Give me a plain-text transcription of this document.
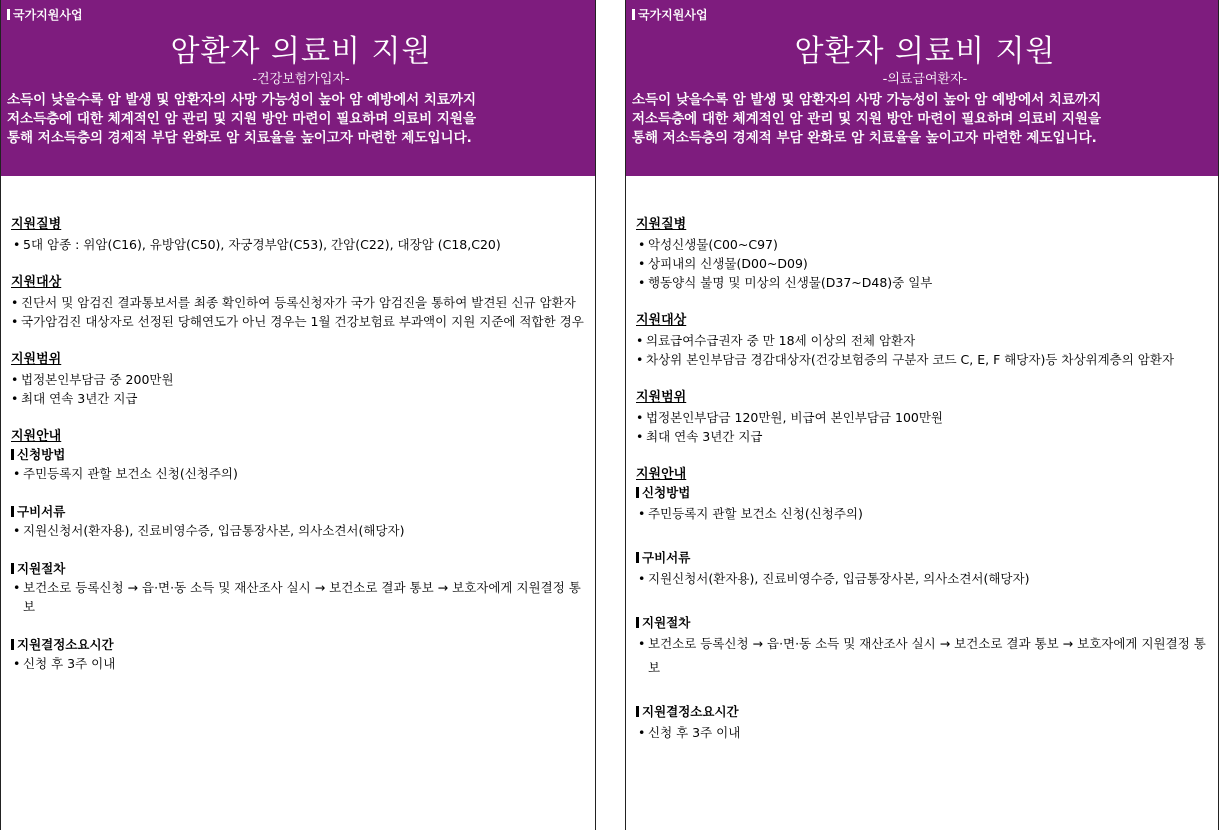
국가지원사업
암환자 의료비 지원
-건강보험가입자-
소득이 낮을수록 암 발생 및 암환자의 사망 가능성이 높아 암 예방에서 치료까지
저소득층에 대한 체계적인 암 관리 및 지원 방안 마련이 필요하며 의료비 지원을
통해 저소득층의 경제적 부담 완화로 암 치료율을 높이고자 마련한 제도입니다.
지원질병
• 5대 암종 : 위암(C16), 유방암(C50), 자궁경부암(C53), 간암(C22), 대장암 (C18,C20)
지원대상
• 진단서 및 암검진 결과통보서를 최종 확인하여 등록신청자가 국가 암검진을 통하여 발견된 신규 암환자
• 국가암검진 대상자로 선정된 당해연도가 아닌 경우는 1월 건강보험료 부과액이 지원 지준에 적합한 경우
지원범위
• 법정본인부담금 중 200만원
• 최대 연속 3년간 지급
지원안내
신청방법
• 주민등록지 관할 보건소 신청(신청주의)
구비서류
• 지원신청서(환자용), 진료비영수증, 입금통장사본, 의사소견서(해당자)
지원절차
• 보건소로 등록신청 → 읍·면·동 소득 및 재산조사 실시 → 보건소로 결과 통보 → 보호자에게 지원결정 통보
지원결정소요시간
• 신청 후 3주 이내
국가지원사업
암환자 의료비 지원
-의료급여환자-
소득이 낮을수록 암 발생 및 암환자의 사망 가능성이 높아 암 예방에서 치료까지
저소득층에 대한 체계적인 암 관리 및 지원 방안 마련이 필요하며 의료비 지원을
통해 저소득층의 경제적 부담 완화로 암 치료율을 높이고자 마련한 제도입니다.
지원질병
• 악성신생물(C00~C97)
• 상피내의 신생물(D00~D09)
• 행동양식 불명 및 미상의 신생물(D37~D48)중 일부
지원대상
• 의료급여수급권자 중 만 18세 이상의 전체 암환자
• 차상위 본인부담금 경감대상자(건강보험증의 구분자 코드 C, E, F 해당자)등 차상위계층의 암환자
지원범위
• 법정본인부담금 120만원, 비급여 본인부담금 100만원
• 최대 연속 3년간 지급
지원안내
신청방법
• 주민등록지 관할 보건소 신청(신청주의)
구비서류
• 지원신청서(환자용), 진료비영수증, 입금통장사본, 의사소견서(해당자)
지원절차
• 보건소로 등록신청 → 읍·면·동 소득 및 재산조사 실시 → 보건소로 결과 통보 → 보호자에게 지원결정 통보
지원결정소요시간
• 신청 후 3주 이내
